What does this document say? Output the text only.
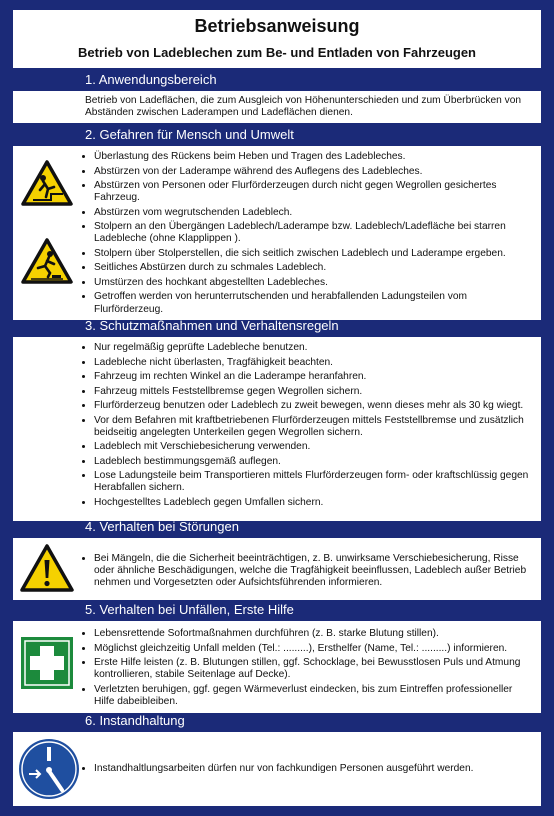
Betriebsanweisung
Betrieb von Ladeblechen zum Be- und Entladen von Fahrzeugen
1. Anwendungsbereich
Betrieb von Ladeflächen, die zum Ausgleich von Höhenunterschieden und zum Überbrücken von Abständen zwischen Laderampen und Ladeflächen dienen.
2. Gefahren für Mensch und Umwelt
• Überlastung des Rückens beim Heben und Tragen des Ladebleches.
• Abstürzen von der Laderampe während des Auflegens des Ladebleches.
• Abstürzen von Personen oder Flurförderzeugen durch nicht gegen Wegrollen gesichertes Fahrzeug.
• Abstürzen vom wegrutschenden Ladeblech.
• Stolpern an den Übergängen Ladeblech/Laderampe bzw. Ladeblech/Ladefläche bei starren Ladebleche (ohne Klapplippen ).
• Stolpern über Stolperstellen, die sich seitlich zwischen Ladeblech und Laderampe ergeben.
• Seitliches Abstürzen durch zu schmales Ladeblech.
• Umstürzen des hochkant abgestellten Ladebleches.
• Getroffen werden von herunterrutschenden und herabfallenden Ladungsteilen vom Flurförderzeug.
3. Schutzmaßnahmen und Verhaltensregeln
• Nur regelmäßig geprüfte Ladebleche benutzen.
• Ladebleche nicht überlasten, Tragfähigkeit beachten.
• Fahrzeug im rechten Winkel an die Laderampe heranfahren.
• Fahrzeug mittels Feststellbremse gegen Wegrollen sichern.
• Flurförderzeug benutzen oder Ladeblech zu zweit bewegen, wenn dieses mehr als 30 kg wiegt.
• Vor dem Befahren mit kraftbetriebenen Flurförderzeugen mittels Feststellbremse und zusätzlich beidseitig angelegten Unterkeilen gegen Wegrollen sichern.
• Ladeblech mit Verschiebesicherung verwenden.
• Ladeblech bestimmungsgemäß auflegen.
• Lose Ladungsteile beim Transportieren mittels Flurförderzeugen form- oder kraftschlüssig gegen Herabfallen sichern.
• Hochgestelltes Ladeblech gegen Umfallen sichern.
4. Verhalten bei Störungen
• Bei Mängeln, die die Sicherheit beeinträchtigen, z. B. unwirksame Verschiebesicherung, Risse oder ähnliche Beschädigungen, welche die Tragfähigkeit beeinflussen, Ladeblech außer Betrieb nehmen und Vorgesetzten oder Aufsichtsführenden informieren.
5. Verhalten bei Unfällen, Erste Hilfe
• Lebensrettende Sofortmaßnahmen durchführen (z. B. starke Blutung stillen).
• Möglichst gleichzeitig Unfall melden (Tel.: .........), Ersthelfer (Name, Tel.: .........) informieren.
• Erste Hilfe leisten (z. B. Blutungen stillen, ggf. Schocklage, bei Bewusstlosen Puls und Atmung kontrollieren, stabile Seitenlage auf Decke).
• Verletzten beruhigen, ggf. gegen Wärmeverlust eindecken, bis zum Eintreffen professioneller Hilfe dabeibleiben.
6. Instandhaltung
• Instandhaltlungsarbeiten dürfen nur von fachkundigen Personen ausgeführt werden.
